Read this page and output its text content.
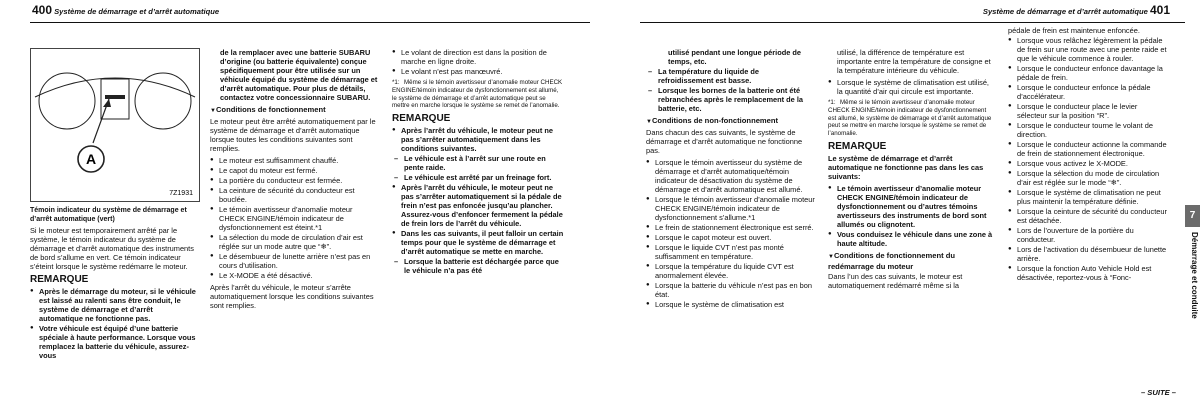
400 Système de démarrage et d’arrêt automatique	Système de démarrage et d’arrêt automatique 401
A
7Z1931
Témoin indicateur du système de démarrage et d’arrêt automatique (vert)

Si le moteur est temporairement arrêté par le système, le témoin indicateur du système de démarrage et d’arrêt automatique des instruments de bord s’allume en vert. Ce témoin indicateur s’éteint lorsque le système redémarre le moteur.

REMARQUE
● Après le démarrage du moteur, si le véhicule est laissé au ralenti sans être conduit, le système de démarrage et d’arrêt automatique ne fonctionne pas.
● Votre véhicule est équipé d’une batterie spéciale à haute performance. Lorsque vous remplacez la batterie du véhicule, assurez-vous

de la remplacer avec une batterie SUBARU d’origine (ou batterie équivalente) conçue spécifiquement pour être utilisée sur un véhicule équipé du système de démarrage et d’arrêt automatique. Pour plus de détails, contactez votre concessionnaire SUBARU.

▼ Conditions de fonctionnement

Le moteur peut être arrêté automatiquement par le système de démarrage et d’arrêt automatique lorsque toutes les conditions suivantes sont remplies.

● Le moteur est suffisamment chauffé.
● Le capot du moteur est fermé.
● La portière du conducteur est fermée.
● La ceinture de sécurité du conducteur est bouclée.
● Le témoin avertisseur d’anomalie moteur CHECK ENGINE/témoin indicateur de dysfonctionnement est éteint.*1
● La sélection du mode de circulation d’air est réglée sur un mode autre que “❄”.
● Le désembueur de lunette arrière n’est pas en cours d’utilisation.
● Le X-MODE a été désactivé.

Après l’arrêt du véhicule, le moteur s’arrête automatiquement lorsque les conditions suivantes sont remplies.

● Le volant de direction est dans la position de marche en ligne droite.
● Le volant n’est pas manœuvré.

*1: Même si le témoin avertisseur d’anomalie moteur CHECK ENGINE/témoin indicateur de dysfonctionnement est allumé, le système de démarrage et d’arrêt automatique peut se mettre en marche lorsque le système se remet de l’anomalie.

REMARQUE
● Après l’arrêt du véhicule, le moteur peut ne pas s’arrêter automatiquement dans les conditions suivantes.
– Le véhicule est à l’arrêt sur une route en pente raide.
– Le véhicule est arrêté par un freinage fort.
● Après l’arrêt du véhicule, le moteur peut ne pas s’arrêter automatiquement si la pédale de frein n’est pas enfoncée jusqu’au plancher. Assurez-vous d’enfoncer fermement la pédale de frein lors de l’arrêt du véhicule.
● Dans les cas suivants, il peut falloir un certain temps pour que le système de démarrage et d’arrêt automatique se mette en marche.
– Lorsque la batterie est déchargée parce que le véhicule n’a pas été

utilisé pendant une longue période de temps, etc.

– La température du liquide de refroidissement est basse.
– Lorsque les bornes de la batterie ont été rebranchées après le remplacement de la batterie, etc.
▼ Conditions de non-fonctionnement

Dans chacun des cas suivants, le système de démarrage et d’arrêt automatique ne fonctionne pas.

● Lorsque le témoin avertisseur du système de démarrage et d’arrêt automatique/témoin indicateur de désactivation du système de démarrage et d’arrêt automatique est allumé.
● Lorsque le témoin avertisseur d’anomalie moteur CHECK ENGINE/témoin indicateur de dysfonctionnement s’allume.*1
● Le frein de stationnement électronique est serré.
● Lorsque le capot moteur est ouvert.
● Lorsque le liquide CVT n’est pas monté suffisamment en température.
● Lorsque la température du liquide CVT est anormalement élevée.
● Lorsque la batterie du véhicule n’est pas en bon état.
● Lorsque le système de climatisation est

utilisé, la différence de température est importante entre la température de consigne et la température intérieure du véhicule.

● Lorsque le système de climatisation est utilisé, la quantité d’air qui circule est importante.

*1: Même si le témoin avertisseur d’anomalie moteur CHECK ENGINE/témoin indicateur de dysfonctionnement est allumé, le système de démarrage et d’arrêt automatique peut se mettre en marche lorsque le système se remet de l’anomalie.

REMARQUE

Le système de démarrage et d’arrêt automatique ne fonctionne pas dans les cas suivants:

● Le témoin avertisseur d’anomalie moteur CHECK ENGINE/témoin indicateur de dysfonctionnement ou d’autres témoins avertisseurs des instruments de bord sont allumés ou clignotent.
● Vous conduisez le véhicule dans une zone à haute altitude.
▼ Conditions de fonctionnement du redémarrage du moteur

Dans l’un des cas suivants, le moteur est automatiquement redémarré même si la

pédale de frein est maintenue enfoncée.

● Lorsque vous relâchez légèrement la pédale de frein sur une route avec une pente raide et que le véhicule commence à rouler.
● Lorsque le conducteur enfonce davantage la pédale de frein.
● Lorsque le conducteur enfonce la pédale d’accélérateur.
● Lorsque le conducteur place le levier sélecteur sur la position “R”.
● Lorsque le conducteur tourne le volant de direction.
● Lorsque le conducteur actionne la commande de frein de stationnement électronique.
● Lorsque vous activez le X-MODE.
● Lorsque la sélection du mode de circulation d’air est réglée sur le mode “❄”.
● Lorsque le système de climatisation ne peut plus maintenir la température définie.
● Lorsque la ceinture de sécurité du conducteur est détachée.
● Lors de l’ouverture de la portière du conducteur.
● Lors de l’activation du désembueur de lunette arrière.
● Lorsque la fonction Auto Vehicle Hold est désactivée, reportez-vous à “Fonc-
– SUITE –
7
Démarrage et conduite
